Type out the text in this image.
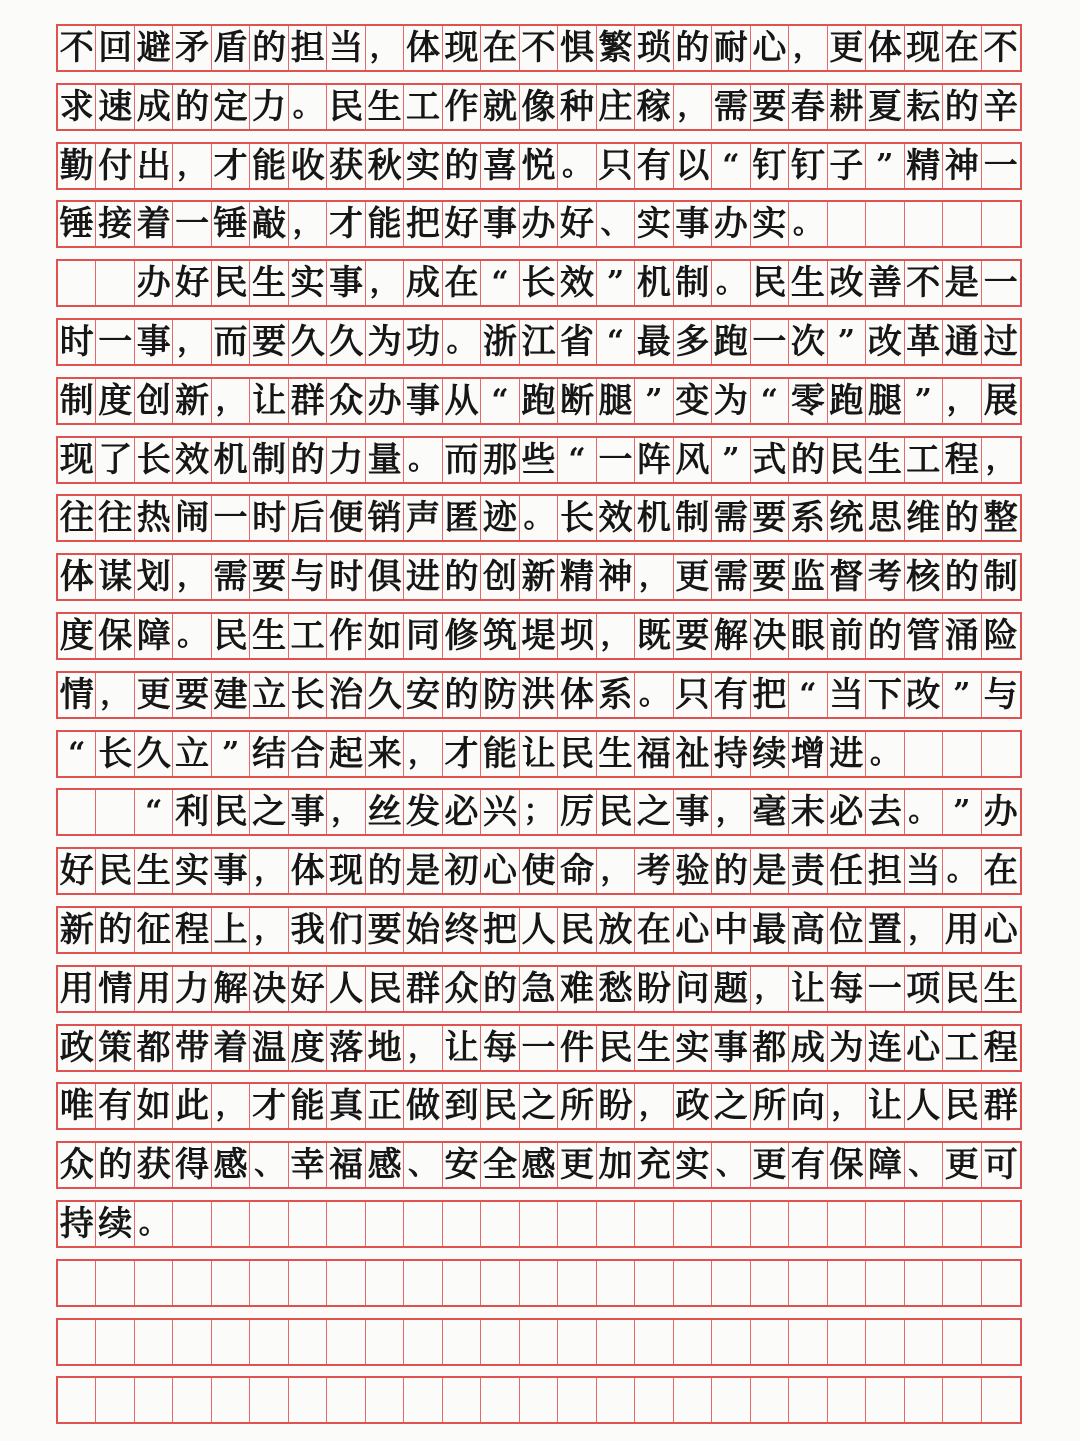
不 回 避 矛 盾 的 担 当 ， 体 现 在 不 惧 繁 琐 的 耐 心 ， 更 体 现 在 不
求 速 成 的 定 力 。 民 生 工 作 就 像 种 庄 稼 ， 需 要 春 耕 夏 耘 的 辛
勤 付 出 ， 才 能 收 获 秋 实 的 喜 悦 。 只 有 以 “ 钉 钉 子 ” 精 神 一
锤 接 着 一 锤 敲 ， 才 能 把 好 事 办 好 、 实 事 办 实 。
办 好 民 生 实 事 ， 成 在 “ 长 效 ” 机 制 。 民 生 改 善 不 是 一
时 一 事 ， 而 要 久 久 为 功 。 浙 江 省 “ 最 多 跑 一 次 ” 改 革 通 过
制 度 创 新 ， 让 群 众 办 事 从 “ 跑 断 腿 ” 变 为 “ 零 跑 腿 ” ， 展
现 了 长 效 机 制 的 力 量 。 而 那 些 “ 一 阵 风 ” 式 的 民 生 工 程 ，
往 往 热 闹 一 时 后 便 销 声 匿 迹 。 长 效 机 制 需 要 系 统 思 维 的 整
体 谋 划 ， 需 要 与 时 俱 进 的 创 新 精 神 ， 更 需 要 监 督 考 核 的 制
度 保 障 。 民 生 工 作 如 同 修 筑 堤 坝 ， 既 要 解 决 眼 前 的 管 涌 险
情 ， 更 要 建 立 长 治 久 安 的 防 洪 体 系 。 只 有 把 “ 当 下 改 ” 与
“ 长 久 立 ” 结 合 起 来 ， 才 能 让 民 生 福 祉 持 续 增 进 。
“ 利 民 之 事 ， 丝 发 必 兴 ； 厉 民 之 事 ， 毫 末 必 去 。 ” 办
好 民 生 实 事 ， 体 现 的 是 初 心 使 命 ， 考 验 的 是 责 任 担 当 。 在
新 的 征 程 上 ， 我 们 要 始 终 把 人 民 放 在 心 中 最 高 位 置 ， 用 心
用 情 用 力 解 决 好 人 民 群 众 的 急 难 愁 盼 问 题 ， 让 每 一 项 民 生
政 策 都 带 着 温 度 落 地 ， 让 每 一 件 民 生 实 事 都 成 为 连 心 工 程
唯 有 如 此 ， 才 能 真 正 做 到 民 之 所 盼 ， 政 之 所 向 ， 让 人 民 群
众 的 获 得 感 、 幸 福 感 、 安 全 感 更 加 充 实 、 更 有 保 障 、 更 可
持 续 。
